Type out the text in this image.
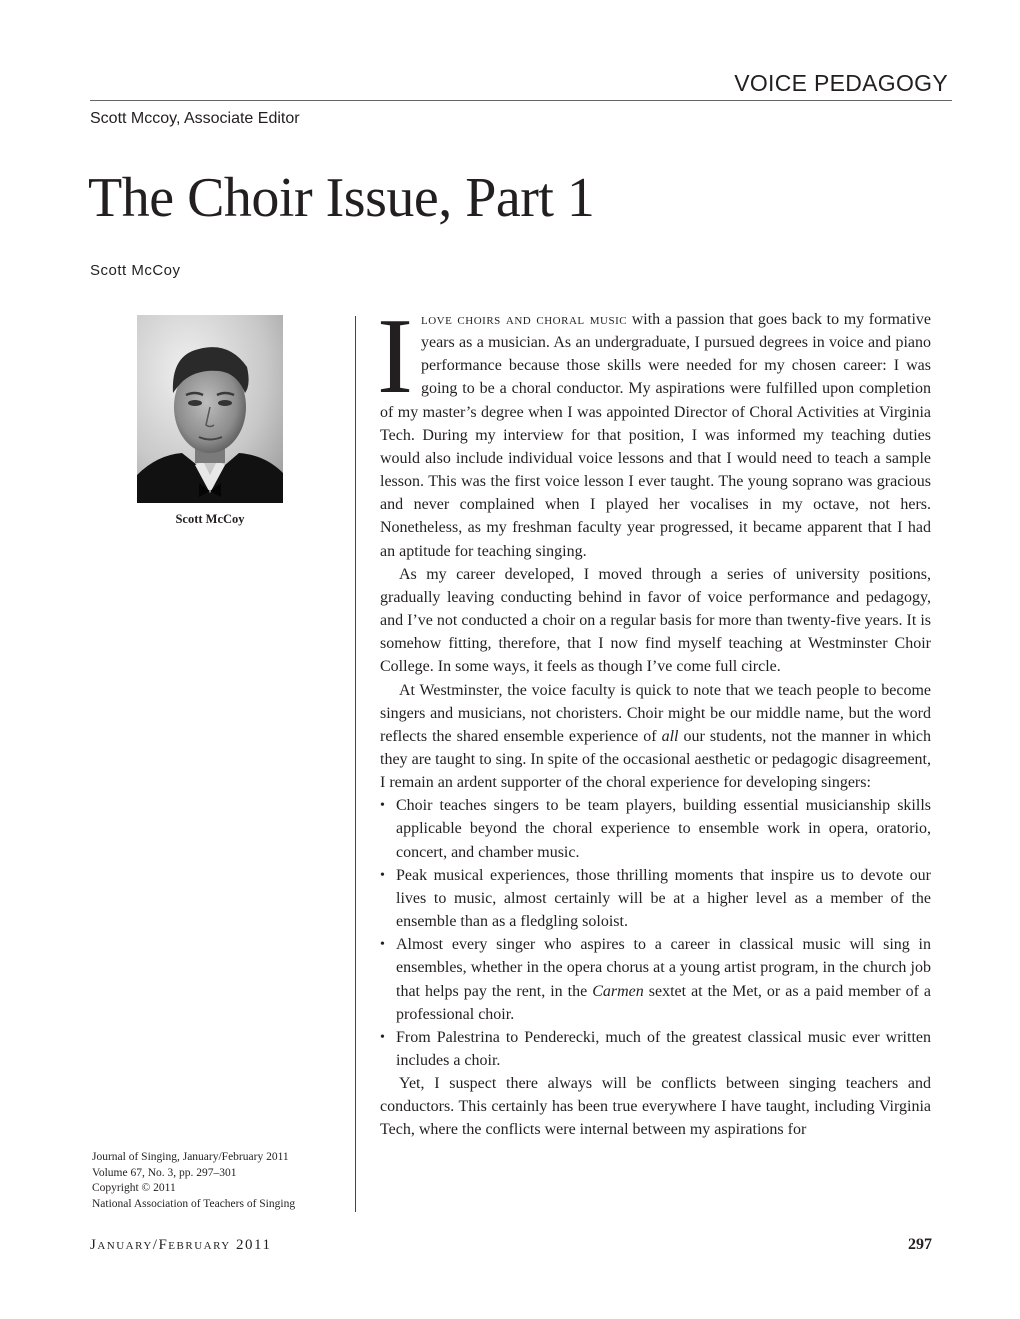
VOICE PEDAGOGY
Scott Mccoy, Associate Editor
The Choir Issue, Part 1
Scott McCoy
Scott McCoy
Journal of Singing, January/February 2011
Volume 67, No. 3, pp. 297–301
Copyright © 2011
National Association of Teachers of Singing

Ilove choirs and choral music with a passion that goes back to my formative years as a musician. As an undergraduate, I pursued degrees in voice and piano performance because those skills were needed for my chosen career: I was going to be a choral conductor. My aspirations were fulfilled upon completion of my master’s degree when I was appointed Director of Choral Activities at Virginia Tech. During my interview for that position, I was informed my teaching duties would also include individual voice lessons and that I would need to teach a sample lesson. This was the first voice lesson I ever taught. The young soprano was gracious and never complained when I played her vocalises in my octave, not hers. Nonetheless, as my freshman faculty year progressed, it became apparent that I had an aptitude for teaching singing.

As my career developed, I moved through a series of university positions, gradually leaving conducting behind in favor of voice performance and pedagogy, and I’ve not conducted a choir on a regular basis for more than twenty-five years. It is somehow fitting, therefore, that I now find myself teaching at Westminster Choir College. In some ways, it feels as though I’ve come full circle.

At Westminster, the voice faculty is quick to note that we teach people to become singers and musicians, not choristers. Choir might be our middle name, but the word reflects the shared ensemble experience of all our students, not the manner in which they are taught to sing. In spite of the occasional aesthetic or pedagogic disagreement, I remain an ardent supporter of the choral experience for developing singers:

• Choir teaches singers to be team players, building essential musicianship skills applicable beyond the choral experience to ensemble work in opera, oratorio, concert, and chamber music.
• Peak musical experiences, those thrilling moments that inspire us to devote our lives to music, almost certainly will be at a higher level as a member of the ensemble than as a fledgling soloist.
• Almost every singer who aspires to a career in classical music will sing in ensembles, whether in the opera chorus at a young artist program, in the church job that helps pay the rent, in the Carmen sextet at the Met, or as a paid member of a professional choir.
• From Palestrina to Penderecki, much of the greatest classical music ever written includes a choir.

Yet, I suspect there always will be conflicts between singing teachers and conductors. This certainly has been true everywhere I have taught, including Virginia Tech, where the conflicts were internal between my aspirations for

January/February 2011	297
